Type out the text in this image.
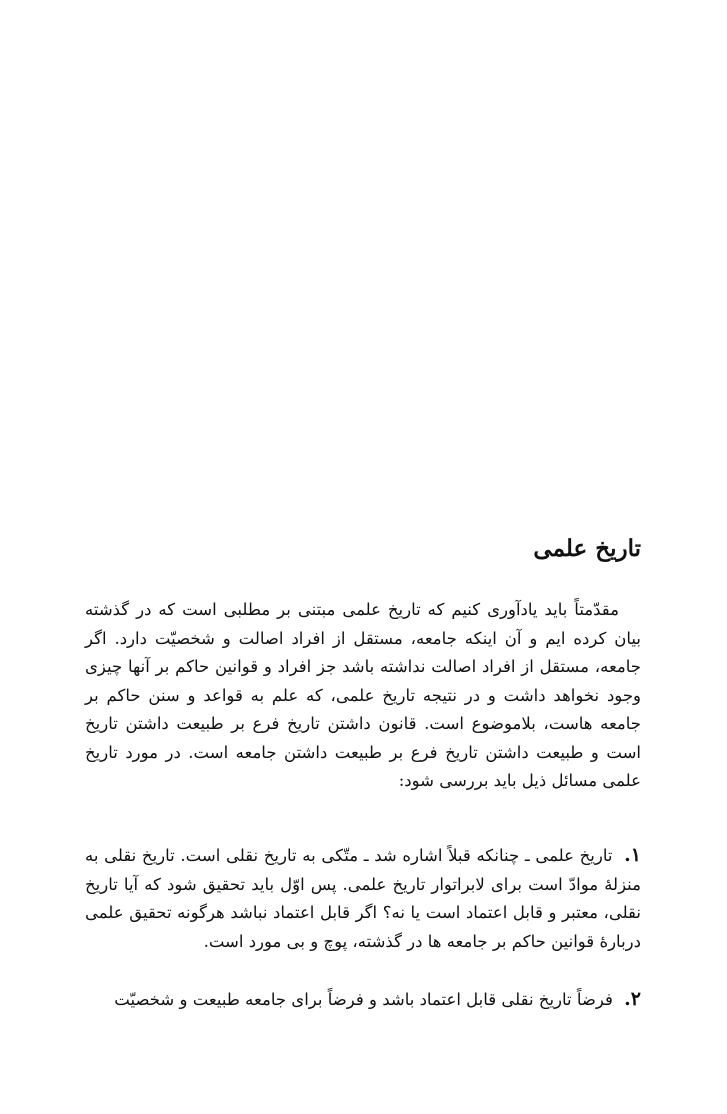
تاریخ علمی

مقدّمتاً باید یادآوری کنیم که تاریخ علمی مبتنی بر مطلبی است که در گذشته بیان کرده ایم و آن اینکه جامعه، مستقل از افراد اصالت و شخصیّت دارد. اگر جامعه، مستقل از افراد اصالت نداشته باشد جز افراد و قوانین حاکم بر آنها چیزی وجود نخواهد داشت و در نتیجه تاریخ علمی، که علم به قواعد و سنن حاکم بر جامعه هاست، بلاموضوع است. قانون داشتن تاریخ فرع بر طبیعت داشتن تاریخ است و طبیعت داشتن تاریخ فرع بر طبیعت داشتن جامعه است. در مورد تاریخ علمی مسائل ذیل باید بررسی شود:

۱. تاریخ علمی ـ چنانکه قبلاً اشاره شد ـ متّکی به تاریخ نقلی است. تاریخ نقلی به منزلهٔ موادّ است برای لابراتوار تاریخ علمی. پس اوّل باید تحقیق شود که آیا تاریخ نقلی، معتبر و قابل اعتماد است یا نه؟ اگر قابل اعتماد نباشد هرگونه تحقیق علمی دربارهٔ قوانین حاکم بر جامعه ها در گذشته، پوچ و بی مورد است.

۲. فرضاً تاریخ نقلی قابل اعتماد باشد و فرضاً برای جامعه طبیعت و شخصیّت
